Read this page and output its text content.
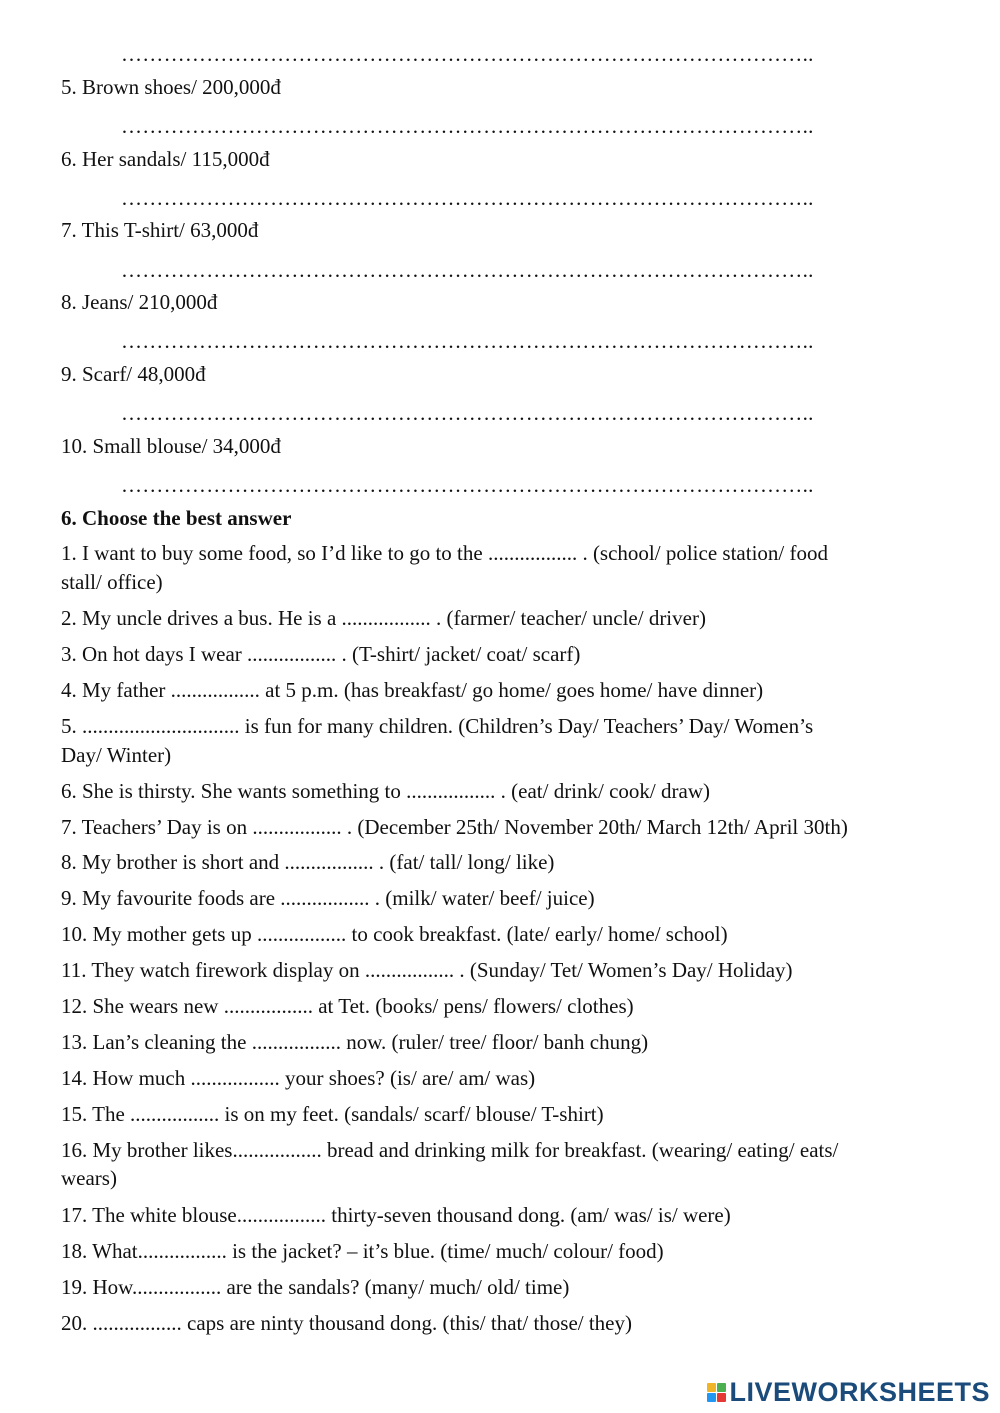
……………………………………………………………………………………..
5. Brown shoes/ 200,000đ
……………………………………………………………………………………..
6. Her sandals/ 115,000đ
……………………………………………………………………………………..
7. This T-shirt/ 63,000đ
……………………………………………………………………………………..
8. Jeans/ 210,000đ
……………………………………………………………………………………..
9. Scarf/ 48,000đ
……………………………………………………………………………………..
10. Small blouse/ 34,000đ
……………………………………………………………………………………..
6. Choose the best answer
1. I want to buy some food, so I’d like to go to the ................. . (school/ police station/ food
stall/ office)
2. My uncle drives a bus. He is a ................. . (farmer/ teacher/ uncle/ driver)
3. On hot days I wear ................. . (T-shirt/ jacket/ coat/ scarf)
4. My father ................. at 5 p.m. (has breakfast/ go home/ goes home/ have dinner)
5. .............................. is fun for many children. (Children’s Day/ Teachers’ Day/ Women’s
Day/ Winter)
6. She is thirsty. She wants something to ................. . (eat/ drink/ cook/ draw)
7. Teachers’ Day is on ................. . (December 25th/ November 20th/ March 12th/ April 30th)
8. My brother is short and ................. . (fat/ tall/ long/ like)
9. My favourite foods are ................. . (milk/ water/ beef/ juice)
10. My mother gets up ................. to cook breakfast. (late/ early/ home/ school)
11. They watch firework display on ................. . (Sunday/ Tet/ Women’s Day/ Holiday)
12. She wears new ................. at Tet. (books/ pens/ flowers/ clothes)
13. Lan’s cleaning the ................. now. (ruler/ tree/ floor/ banh chung)
14. How much ................. your shoes? (is/ are/ am/ was)
15. The ................. is on my feet. (sandals/ scarf/ blouse/ T-shirt)
16. My brother likes................. bread and drinking milk for breakfast. (wearing/ eating/ eats/
wears)
17. The white blouse................. thirty-seven thousand dong. (am/ was/ is/ were)
18. What................. is the jacket? – it’s blue. (time/ much/ colour/ food)
19. How................. are the sandals? (many/ much/ old/ time)
20. ................. caps are ninty thousand dong. (this/ that/ those/ they)
LIVEWORKSHEETS
